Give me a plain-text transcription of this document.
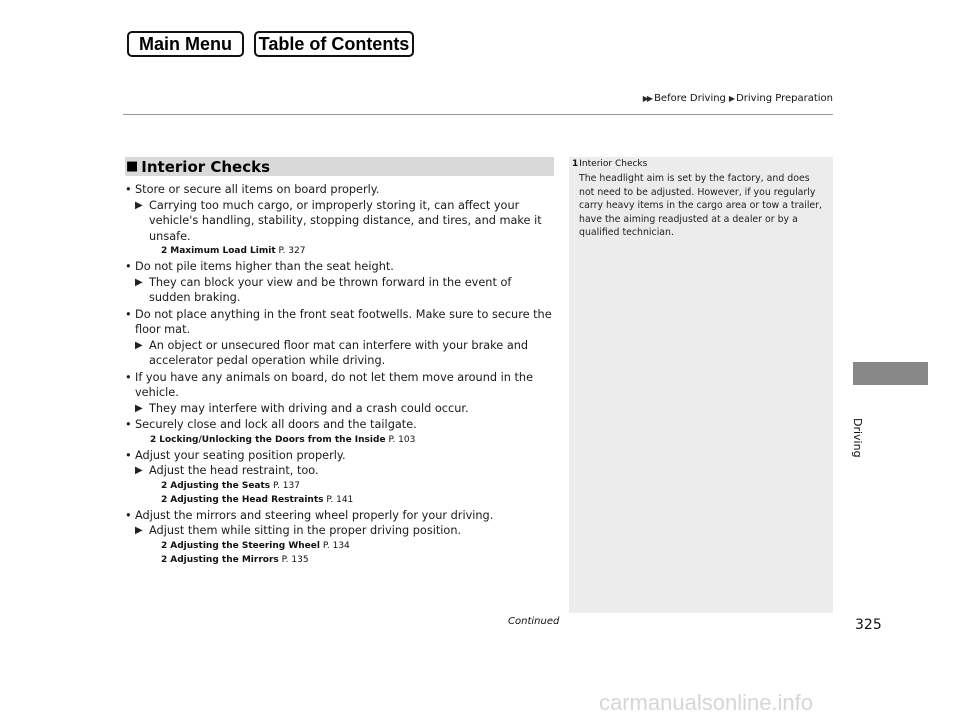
Main Menu	Table of Contents
▶▶ Before Driving ▶ Driving Preparation
■ Interior Checks
• Store or secure all items on board properly.
▶ Carrying too much cargo, or improperly storing it, can affect your vehicle's handling, stability, stopping distance, and tires, and make it unsafe.
2 Maximum Load Limit P. 327
• Do not pile items higher than the seat height.
▶ They can block your view and be thrown forward in the event of sudden braking.
• Do not place anything in the front seat footwells. Make sure to secure the floor mat.
▶ An object or unsecured floor mat can interfere with your brake and accelerator pedal operation while driving.
• If you have any animals on board, do not let them move around in the vehicle.
▶ They may interfere with driving and a crash could occur.
• Securely close and lock all doors and the tailgate.
2 Locking/Unlocking the Doors from the Inside P. 103
• Adjust your seating position properly.
▶ Adjust the head restraint, too.
2 Adjusting the Seats P. 137
2 Adjusting the Head Restraints P. 141
• Adjust the mirrors and steering wheel properly for your driving.
▶ Adjust them while sitting in the proper driving position.
2 Adjusting the Steering Wheel P. 134
2 Adjusting the Mirrors P. 135
1Interior Checks
The headlight aim is set by the factory, and does not need to be adjusted. However, if you regularly carry heavy items in the cargo area or tow a trailer, have the aiming readjusted at a dealer or by a qualified technician.
Continued	325
Driving
carmanualsonline.info
